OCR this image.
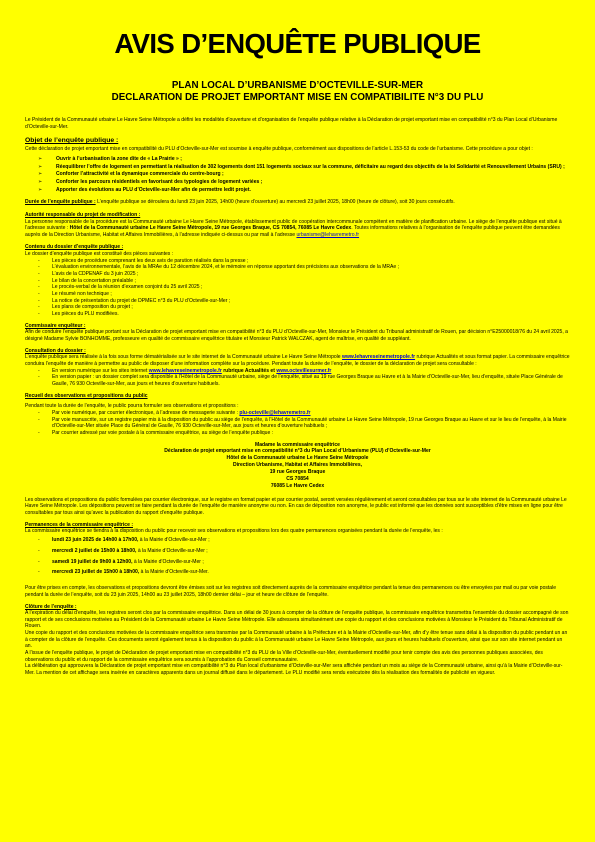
AVIS D’ENQUÊTE PUBLIQUE
PLAN LOCAL D’URBANISME D’OCTEVILLE-SUR-MER
DECLARATION DE PROJET EMPORTANT MISE EN COMPATIBILITE N°3 DU PLU

Le Président de la Communauté urbaine Le Havre Seine Métropole a défini les modalités d’ouverture et d’organisation de l’enquête publique relative à la Déclaration de projet emportant mise en compatibilité n°3 du Plan Local d’Urbanisme d’Octeville-sur-Mer.

Objet de l’enquête publique :

Cette déclaration de projet emportant mise en compatibilité du PLU d’Octeville-sur-Mer est soumise à enquête publique, conformément aux dispositions de l’article L.153-53 du code de l’urbanisme. Cette procédure a pour objet :

➢	Ouvrir à l’urbanisation la zone dite de « La Prairie » ;
➢	Réequilibrer l’offre de logement en permettant la réalisation de 302 logements dont 151 logements sociaux sur la commune, déficitaire au regard des objectifs de la loi Solidarité et Renouvellement Urbains (SRU) ;
➢	Conforter l’attractivité et la dynamique commerciale du centre-bourg ;
➢	Conforter les parcours résidentiels en favorisant des typologies de logement variées ;
➢	Apporter des évolutions au PLU d’Octeville-sur-Mer afin de permettre ledit projet.

Durée de l’enquête publique : L’enquête publique se déroulera du lundi 23 juin 2025, 14h00 (heure d’ouverture) au mercredi 23 juillet 2025, 18h00 (heure de clôture), soit 30 jours consécutifs.

Autorité responsable du projet de modification :

La personne responsable de la procédure est la Communauté urbaine Le Havre Seine Métropole, établissement public de coopération intercommunale compétent en matière de planification urbaine. Le siège de l’enquête publique est situé à l’adresse suivante : Hôtel de la Communauté urbaine Le Havre Seine Métropole, 19 rue Georges Braque, CS 70854, 76085 Le Havre Cedex. Toutes informations relatives à l’organisation de l’enquête publique peuvent être demandées auprès de la Direction Urbanisme, Habitat et Affaires Immobilières, à l’adresse indiquée ci-dessus ou par mail à l’adresse urbanisme@lehavremetro.fr

Contenu du dossier d’enquête publique :
Le dossier d’enquête publique est constitué des pièces suivantes :
- Les pièces de procédure comprenant les deux avis de parution réalisés dans la presse ;
- L’évaluation environnementale, l’avis de la MRAe du 12 décembre 2024, et le mémoire en réponse apportant des précisions aux observations de la MRAe ;
- L’avis de la CDPENAF du 3 juin 2025 ;
- Le bilan de la concertation préalable ;
- Le procès-verbal de la réunion d’examen conjoint du 25 avril 2025 ;
- Le résumé non technique ;
- La notice de présentation du projet de DPMEC n°3 du PLU d’Octeville-sur-Mer ;
- Les plans de composition du projet ;
- Les pièces du PLU modifiées.
Commissaire enquêteur :

Afin de conduire l’enquête publique portant sur la Déclaration de projet emportant mise en compatibilité n°3 du PLU d’Octeville-sur-Mer, Monsieur le Président du Tribunal administratif de Rouen, par décision n°E25000018/76 du 24 avril 2025, a désigné Madame Sylvie BONHOMME, professeure en qualité de commissaire enquêtrice titulaire et Monsieur Patrick WALCZAK, agent de maîtrise, en qualité de suppléant.

Consultation du dossier :
L’enquête publique sera réalisée à la fois sous forme dématérialisée sur le site internet de la Communauté urbaine Le Havre Seine Métropole www.lehavreseinemetropole.fr rubrique Actualités et sous format papier. La commissaire enquêtrice conduira l’enquête de manière à permettre au public de disposer d’une information complète sur la procédure. Pendant toute la durée de l’enquête, le dossier de la déclaration de projet sera consultable :
- En version numérique sur les sites internet www.lehavreseinemetropole.fr rubrique Actualités et www.octevillesurmer.fr
- En version papier : un dossier complet sera disponible à l’Hôtel de la Communauté urbaine, siège de l’enquête, situé au 19 rue Georges Braque au Havre et à la Mairie d’Octeville-sur-Mer, lieu d’enquête, située Place Générale de Gaulle, 76 930 Octeville-sur-Mer, aux jours et heures d’ouverture habituels.
Recueil des observations et propositions du public
Pendant toute la durée de l’enquête, le public pourra formuler ses observations et propositions :
- Par voie numérique, par courrier électronique, à l’adresse de messagerie suivante : plu-octeville@lehavremetro.fr
- Par voie manuscrite, sur un registre papier mis à la disposition du public au siège de l’enquête, à l’Hôtel de la Communauté urbaine Le Havre Seine Métropole, 19 rue Georges Braque au Havre et sur le lieu de l’enquête, à la Mairie d’Octeville-sur-Mer située Place du Général de Gaulle, 76 930 Octeville-sur-Mer, aux jours et heures d’ouverture habituels ;
- Par courrier adressé par voie postale à la commissaire enquêtrice, au siège de l’enquête publique :
Madame la commissaire enquêtrice
Déclaration de projet emportant mise en compatibilité n°3 du Plan Local d’Urbanisme (PLU) d’Octeville-sur-Mer
Hôtel de la Communauté urbaine Le Havre Seine Métropole
Direction Urbanisme, Habitat et Affaires Immobilières,
19 rue Georges Braque
CS 70854
76085 Le Havre Cedex

Les observations et propositions du public formulées par courrier électronique, sur le registre en format papier et par courrier postal, seront versées régulièrement et seront consultables par tous sur le site internet de la Communauté urbaine Le Havre Seine Métropole. Les dépositions peuvent se faire pendant la durée de l’enquête de manière anonyme ou non. En cas de déposition non anonyme, le public est informé que les données sont susceptibles d’être mises en ligne pour être consultables par tous ainsi qu’avec la publication du rapport d’enquête publique.

Permanences de la commissaire enquêtrice :
La commissaire enquêtrice se tiendra à la disposition du public pour recevoir ses observations et propositions lors des quatre permanences organisées pendant la durée de l’enquête, les :
- lundi 23 juin 2025 de 14h00 à 17h00, à la Mairie d’Octeville-sur-Mer ;
- mercredi 2 juillet de 15h00 à 18h00, à la Mairie d’Octeville-sur-Mer ;
- samedi 19 juillet de 9h00 à 12h00, à la Mairie d’Octeville-sur-Mer ;
- mercredi 23 juillet de 15h00 à 18h00, à la Mairie d’Octeville-sur-Mer.

Pour être prises en compte, les observations et propositions devront être émises soit sur les registres soit directement auprès de la commissaire enquêtrice pendant la tenue des permanences ou être envoyées par mail ou par voie postale pendant la durée de l’enquête, soit du 23 juin 2025, 14h00 au 23 juillet 2025, 18h00 dernier délai – jour et heure de clôture de l’enquête.

Clôture de l’enquête :
A l’expiration du délai d’enquête, les registres seront clos par la commissaire enquêtrice. Dans un délai de 30 jours à compter de la clôture de l’enquête publique, la commissaire enquêtrice transmettra l’ensemble du dossier accompagné de son rapport et de ses conclusions motivées au Président de la Communauté urbaine Le Havre Seine Métropole. Elle adressera simultanément une copie du rapport et des conclusions motivées à Monsieur le Président du Tribunal Administratif de Rouen.
Une copie du rapport et des conclusions motivées de la commissaire enquêtrice sera transmise par la Communauté urbaine à la Préfecture et à la Mairie d’Octeville-sur-Mer, afin d’y être tenue sans délai à la disposition du public pendant un an à compter de la clôture de l’enquête. Ces documents seront également tenus à la disposition du public à la Communauté urbaine Le Havre Seine Métropole, aux jours et heures habituels d’ouverture, ainsi que sur son site internet pendant un an.
A l’issue de l’enquête publique, le projet de Déclaration de projet emportant mise en compatibilité n°3 du PLU de la Ville d’Octeville-sur-Mer, éventuellement modifié pour tenir compte des avis des personnes publiques associées, des observations du public et du rapport de la commissaire enquêtrice sera soumis à l’approbation du Conseil communautaire.
La délibération qui approuvera la Déclaration de projet emportant mise en compatibilité n°3 du Plan local d’urbanisme d’Octeville-sur-Mer sera affichée pendant un mois au siège de la Communauté urbaine, ainsi qu’à la Mairie d’Octeville-sur-Mer. La mention de cet affichage sera insérée en caractères apparents dans un journal diffusé dans le département. Le PLU modifié sera rendu exécutoire dès la réalisation des formalités de publicité en vigueur.
